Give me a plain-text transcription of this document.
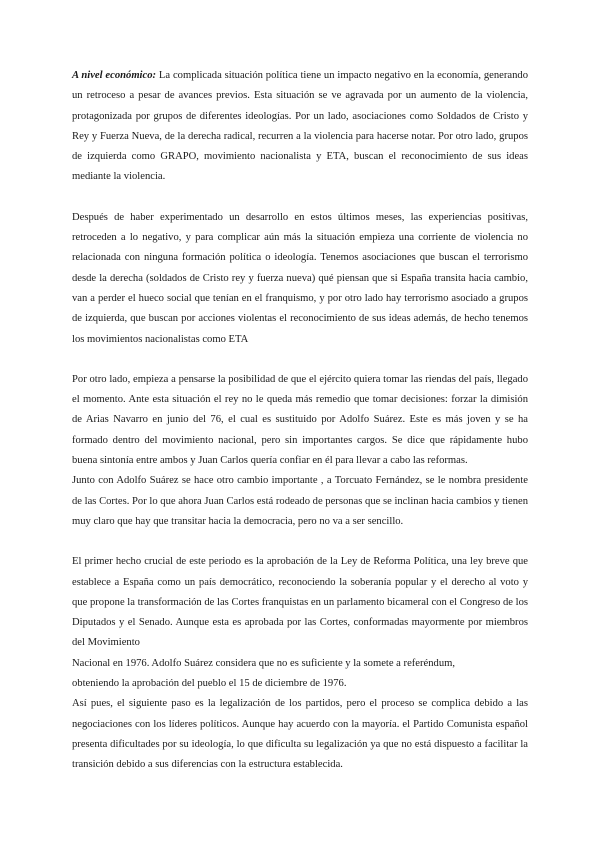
A nivel económico: La complicada situación política tiene un impacto negativo en la economía, generando un retroceso a pesar de avances previos. Esta situación se ve agravada por un aumento de la violencia, protagonizada por grupos de diferentes ideologías. Por un lado, asociaciones como Soldados de Cristo y Rey y Fuerza Nueva, de la derecha radical, recurren a la violencia para hacerse notar. Por otro lado, grupos de izquierda como GRAPO, movimiento nacionalista y ETA, buscan el reconocimiento de sus ideas mediante la violencia.

Después de haber experimentado un desarrollo en estos últimos meses, las experiencias positivas, retroceden a lo negativo, y para complicar aún más la situación empieza una corriente de violencia no relacionada con ninguna formación política o ideología. Tenemos asociaciones que buscan el terrorismo desde la derecha (soldados de Cristo rey y fuerza nueva) qué piensan que si España transita hacia cambio, van a perder el hueco social que tenían en el franquismo, y por otro lado hay terrorismo asociado a grupos de izquierda, que buscan por acciones violentas el reconocimiento de sus ideas además, de hecho tenemos los movimientos nacionalistas como ETA

Por otro lado, empieza a pensarse la posibilidad de que el ejército quiera tomar las riendas del país, llegado el momento. Ante esta situación el rey no le queda más remedio que tomar decisiones: forzar la dimisión de Arias Navarro en junio del 76, el cual es sustituido por Adolfo Suárez. Este es más joven y se ha formado dentro del movimiento nacional, pero sin importantes cargos. Se dice que rápidamente hubo buena sintonía entre ambos y Juan Carlos quería confiar en él para llevar a cabo las reformas.

Junto con Adolfo Suárez se hace otro cambio importante , a Torcuato Fernández, se le nombra presidente de las Cortes. Por lo que ahora Juan Carlos está rodeado de personas que se inclinan hacia cambios y tienen muy claro que hay que transitar hacia la democracia, pero no va a ser sencillo.

El primer hecho crucial de este periodo es la aprobación de la Ley de Reforma Política, una ley breve que establece a España como un país democrático, reconociendo la soberanía popular y el derecho al voto y que propone la transformación de las Cortes franquistas en un parlamento bicameral con el Congreso de los Diputados y el Senado. Aunque esta es aprobada por las Cortes, conformadas mayormente por miembros del Movimiento

Nacional en 1976. Adolfo Suárez considera que no es suficiente y la somete a referéndum,
obteniendo la aprobación del pueblo el 15 de diciembre de 1976.

Así pues, el siguiente paso es la legalización de los partidos, pero el proceso se complica debido a las negociaciones con los líderes políticos. Aunque hay acuerdo con la mayoría. el Partido Comunista español presenta dificultades por su ideología, lo que dificulta su legalización ya que no está dispuesto a facilitar la transición debido a sus diferencias con la estructura establecida.
